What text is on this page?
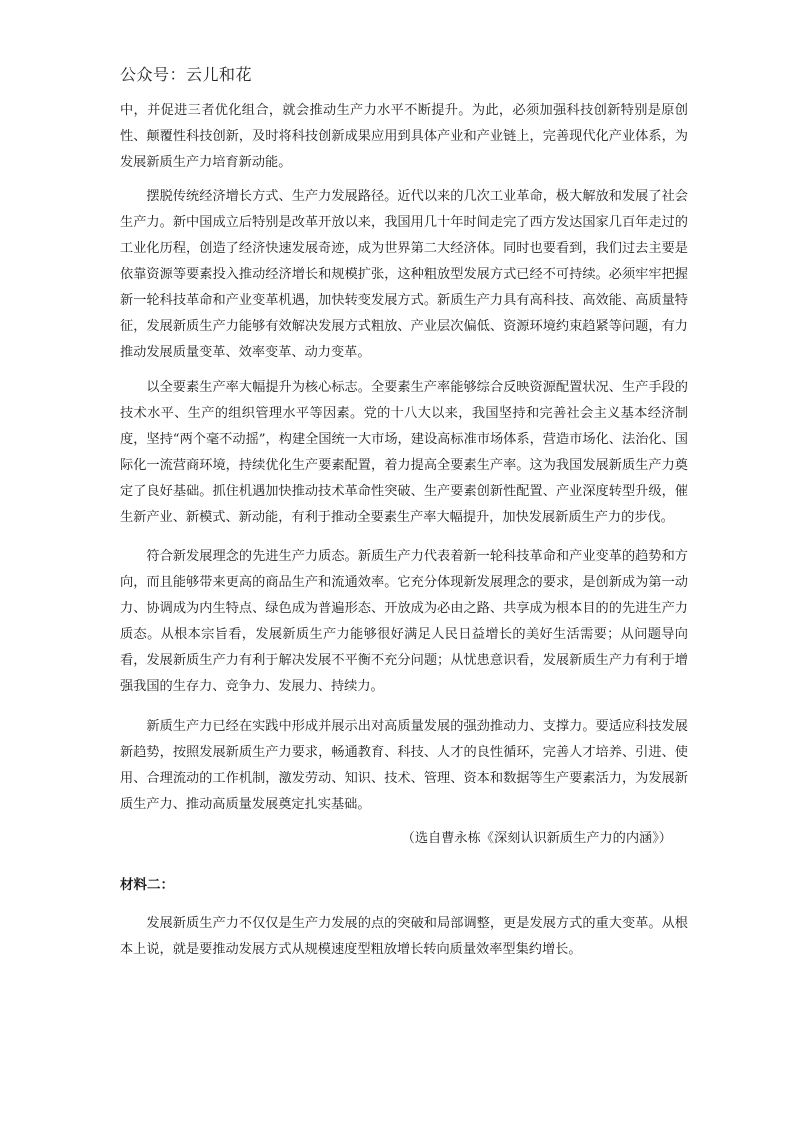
公众号：云儿和花

中，并促进三者优化组合，就会推动生产力水平不断提升。为此，必须加强科技创新特别是原创性、颠覆性科技创新，及时将科技创新成果应用到具体产业和产业链上，完善现代化产业体系，为发展新质生产力培育新动能。

摆脱传统经济增长方式、生产力发展路径。近代以来的几次工业革命，极大解放和发展了社会生产力。新中国成立后特别是改革开放以来，我国用几十年时间走完了西方发达国家几百年走过的工业化历程，创造了经济快速发展奇迹，成为世界第二大经济体。同时也要看到，我们过去主要是依靠资源等要素投入推动经济增长和规模扩张，这种粗放型发展方式已经不可持续。必须牢牢把握新一轮科技革命和产业变革机遇，加快转变发展方式。新质生产力具有高科技、高效能、高质量特征，发展新质生产力能够有效解决发展方式粗放、产业层次偏低、资源环境约束趋紧等问题，有力推动发展质量变革、效率变革、动力变革。

以全要素生产率大幅提升为核心标志。全要素生产率能够综合反映资源配置状况、生产手段的技术水平、生产的组织管理水平等因素。党的十八大以来，我国坚持和完善社会主义基本经济制度，坚持“两个毫不动摇”，构建全国统一大市场，建设高标准市场体系，营造市场化、法治化、国际化一流营商环境，持续优化生产要素配置，着力提高全要素生产率。这为我国发展新质生产力奠定了良好基础。抓住机遇加快推动技术革命性突破、生产要素创新性配置、产业深度转型升级，催生新产业、新模式、新动能，有利于推动全要素生产率大幅提升，加快发展新质生产力的步伐。

符合新发展理念的先进生产力质态。新质生产力代表着新一轮科技革命和产业变革的趋势和方向，而且能够带来更高的商品生产和流通效率。它充分体现新发展理念的要求，是创新成为第一动力、协调成为内生特点、绿色成为普遍形态、开放成为必由之路、共享成为根本目的的先进生产力质态。从根本宗旨看，发展新质生产力能够很好满足人民日益增长的美好生活需要；从问题导向看，发展新质生产力有利于解决发展不平衡不充分问题；从忧患意识看，发展新质生产力有利于增强我国的生存力、竞争力、发展力、持续力。

新质生产力已经在实践中形成并展示出对高质量发展的强劲推动力、支撑力。要适应科技发展新趋势，按照发展新质生产力要求，畅通教育、科技、人才的良性循环，完善人才培养、引进、使用、合理流动的工作机制，激发劳动、知识、技术、管理、资本和数据等生产要素活力，为发展新质生产力、推动高质量发展奠定扎实基础。

（选自曹永栋《深刻认识新质生产力的内涵》）

材料二：

发展新质生产力不仅仅是生产力发展的点的突破和局部调整，更是发展方式的重大变革。从根本上说，就是要推动发展方式从规模速度型粗放增长转向质量效率型集约增长。
